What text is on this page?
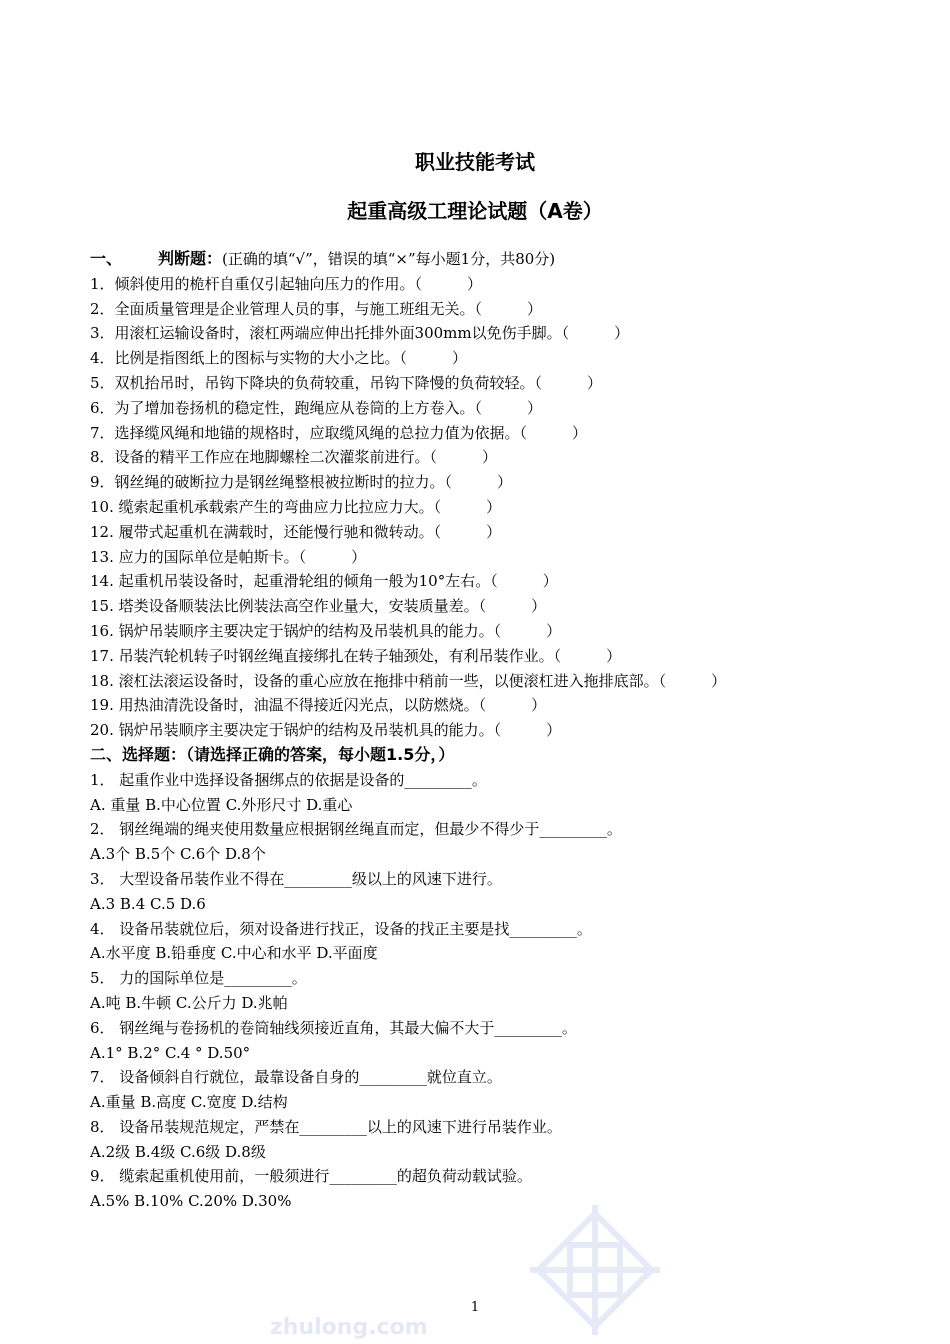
职业技能考试
起重高级工理论试题（A卷）
一、 判断题：(正确的填“√”，错误的填“×”每小题1分，共80分)
1．倾斜使用的桅杆自重仅引起轴向压力的作用。（　　　）
2．全面质量管理是企业管理人员的事，与施工班组无关。（　　　）
3．用滚杠运输设备时，滚杠两端应伸出托排外面300mm以免伤手脚。（　　　）
4．比例是指图纸上的图标与实物的大小之比。（　　　）
5．双机抬吊时，吊钩下降块的负荷较重，吊钩下降慢的负荷较轻。（　　　）
6．为了增加卷扬机的稳定性，跑绳应从卷筒的上方卷入。（　　　）
7．选择缆风绳和地锚的规格时，应取缆风绳的总拉力值为依据。（　　　）
8．设备的精平工作应在地脚螺栓二次灌浆前进行。（　　　）
9．钢丝绳的破断拉力是钢丝绳整根被拉断时的拉力。（　　　）
10. 缆索起重机承载索产生的弯曲应力比拉应力大。（　　　）
12. 履带式起重机在满载时，还能慢行驰和微转动。（　　　）
13. 应力的国际单位是帕斯卡。（　　　）
14. 起重机吊装设备时，起重滑轮组的倾角一般为10°左右。（　　　）
15. 塔类设备顺装法比例装法高空作业量大，安装质量差。（　　　）
16. 锅炉吊装顺序主要决定于锅炉的结构及吊装机具的能力。（　　　）
17. 吊装汽轮机转子吋钢丝绳直接绑扎在转子轴颈处，有利吊装作业。（　　　）
18. 滚杠法滚运设备时，设备的重心应放在拖排中稍前一些，以便滚杠进入拖排底部。（　　　）
19. 用热油清洗设备时，油温不得接近闪光点，以防燃烧。（　　　）
20. 锅炉吊装顺序主要决定于锅炉的结构及吊装机具的能力。（　　　）
二、选择题：（请选择正确的答案，每小题1.5分，）
1． 起重作业中选择设备捆绑点的依据是设备的_________。
A. 重量 B.中心位置 C.外形尺寸 D.重心
2． 钢丝绳端的绳夹使用数量应根据钢丝绳直而定，但最少不得少于_________。
A.3个 B.5个 C.6个 D.8个
3． 大型设备吊装作业不得在_________级以上的风速下进行。
A.3 B.4 C.5 D.6
4． 设备吊装就位后，须对设备进行找正，设备的找正主要是找_________。
A.水平度 B.铅垂度 C.中心和水平 D.平面度
5． 力的国际单位是_________。
A.吨 B.牛顿 C.公斤力 D.兆帕
6． 钢丝绳与卷扬机的卷筒轴线须接近直角，其最大偏不大于_________。
A.1° B.2° C.4 ° D.50°
7． 设备倾斜自行就位，最靠设备自身的_________就位直立。
A.重量 B.高度 C.宽度 D.结构
8． 设备吊装规范规定，严禁在_________以上的风速下进行吊装作业。
A.2级 B.4级 C.6级 D.8级
9． 缆索起重机使用前，一般须进行_________的超负荷动载试验。
A.5% B.10% C.20% D.30%
zhulong.com
1
